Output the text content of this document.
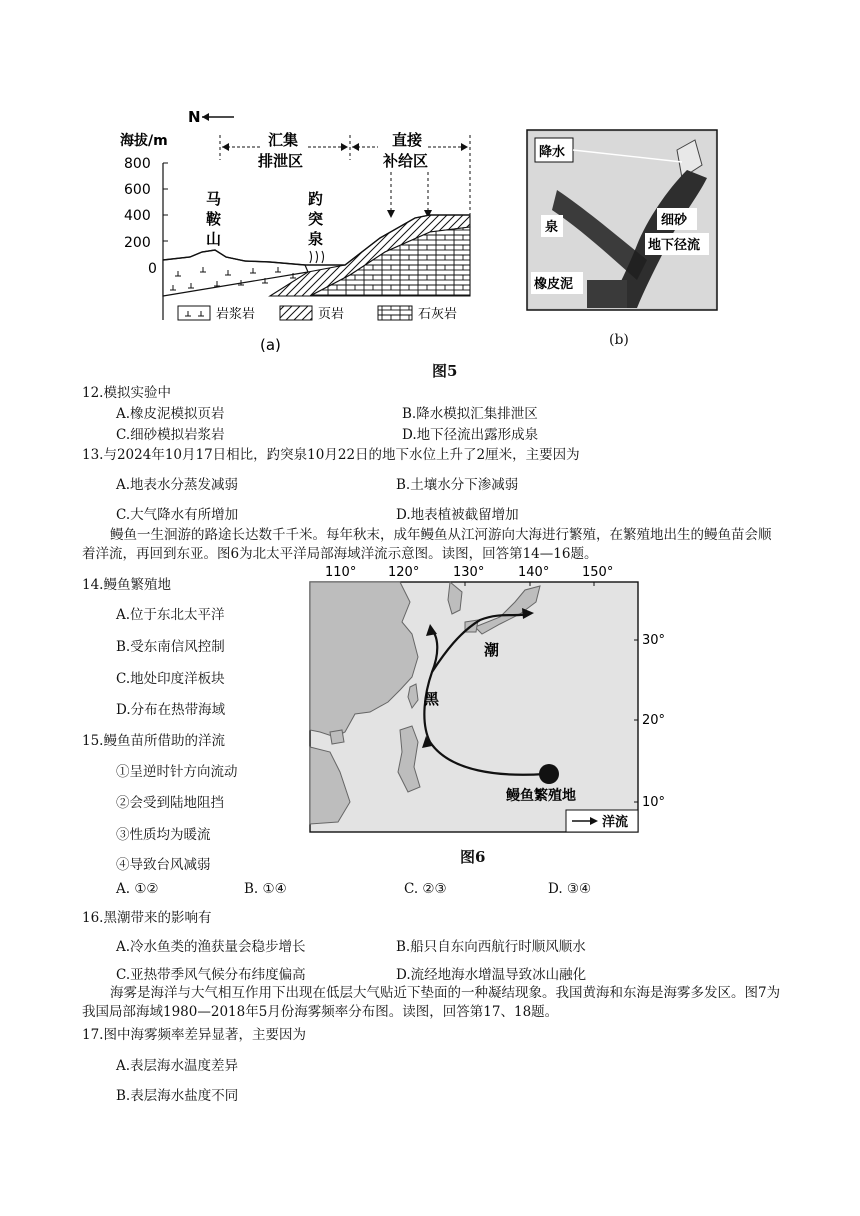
N
海拔/m
800
600
400
200
0
汇集
排泄区
直接
补给区
马
鞍
山
趵
突
泉
岩浆岩	页岩	石灰岩
(a)
降水
细砂
泉
地下径流
橡皮泥
(b)
图5
12.模拟实验中
A.橡皮泥模拟页岩	B.降水模拟汇集排泄区
C.细砂模拟岩浆岩	D.地下径流出露形成泉
13.与2024年10月17日相比，趵突泉10月22日的地下水位上升了2厘米，主要因为
A.地表水分蒸发减弱	B.土壤水分下渗减弱
C.大气降水有所增加	D.地表植被截留增加
鳗鱼一生洄游的路途长达数千千米。每年秋末，成年鳗鱼从江河游向大海进行繁殖，在繁殖地出生的鳗鱼苗会顺着洋流，再回到东亚。图6为北太平洋局部海域洋流示意图。读图，回答第14—16题。
110° 120°	130°	140°	150°
30°
20°
10°
黑
潮
鳗鱼繁殖地
洋流
图6
14.鳗鱼繁殖地
A.位于东北太平洋
B.受东南信风控制
C.地处印度洋板块
D.分布在热带海域
15.鳗鱼苗所借助的洋流
①呈逆时针方向流动
②会受到陆地阻挡
③性质均为暖流
④导致台风减弱
A. ①②	B. ①④	C. ②③	D. ③④
16.黑潮带来的影响有
A.冷水鱼类的渔获量会稳步增长	B.船只自东向西航行时顺风顺水
C.亚热带季风气候分布纬度偏高	D.流经地海水增温导致冰山融化
海雾是海洋与大气相互作用下出现在低层大气贴近下垫面的一种凝结现象。我国黄海和东海是海雾多发区。图7为我国局部海域1980—2018年5月份海雾频率分布图。读图，回答第17、18题。
17.图中海雾频率差异显著，主要因为
A.表层海水温度差异
B.表层海水盐度不同
